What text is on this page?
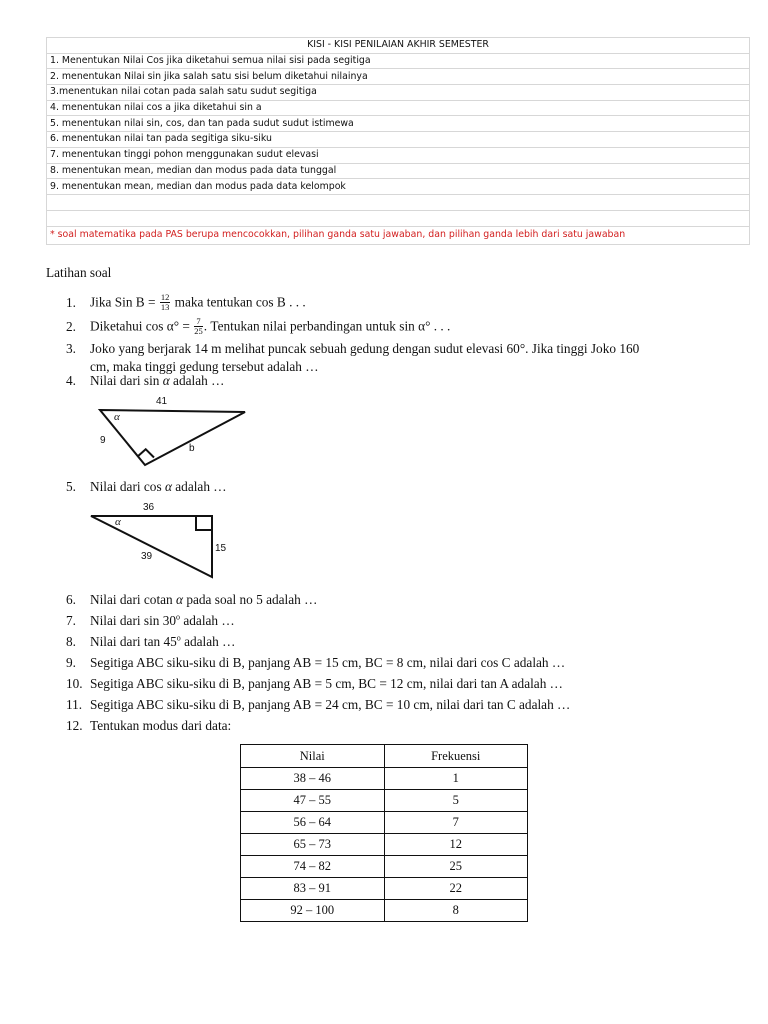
KISI - KISI PENILAIAN AKHIR SEMESTER
1. Menentukan Nilai Cos jika diketahui semua nilai sisi pada segitiga
2. menentukan Nilai sin jika salah satu sisi belum diketahui nilainya
3.menentukan nilai cotan pada salah satu sudut segitiga
4. menentukan nilai cos a jika diketahui sin a
5. menentukan nilai sin, cos, dan tan pada sudut sudut istimewa
6. menentukan nilai tan pada segitiga siku-siku
7. menentukan tinggi pohon menggunakan sudut elevasi
8. menentukan mean, median dan modus pada data tunggal
9. menentukan mean, median dan modus pada data kelompok

* soal matematika pada PAS berupa mencocokkan, pilihan ganda satu jawaban, dan pilihan ganda lebih dari satu jawaban
Latihan soal
1. Jika Sin $B = \frac{12}{13}$ maka tentukan cos B . . .
2. Diketahui $\cos \alpha^\circ = \frac{7}{25}$ . Tentukan nilai perbandingan untuk sin α° . . .
3. Joko yang berjarak 14 m melihat puncak sebuah gedung dengan sudut elevasi 60°. Jika tinggi Joko 160
cm, maka tinggi gedung tersebut adalah …
4. Nilai dari sin α adalah …
41
9
b
α
5. Nilai dari cos α adalah …
36
15
39
α
6. Nilai dari cotan α pada soal no 5 adalah …
7. Nilai dari sin 30$^o$ adalah …
8. Nilai dari tan 45$^o$ adalah …
9. Segitiga ABC siku-siku di B, panjang AB = 15 cm, BC = 8 cm, nilai dari cos C adalah …
10. Segitiga ABC siku-siku di B, panjang AB = 5 cm, BC = 12 cm, nilai dari tan A adalah …
11. Segitiga ABC siku-siku di B, panjang AB = 24 cm, BC = 10 cm, nilai dari tan C adalah …
12. Tentukan modus dari data:
Nilai	Frekuensi
38 – 46	1
47 – 55	5
56 – 64	7
65 – 73	12
74 – 82	25
83 – 91	22
92 – 100	8
